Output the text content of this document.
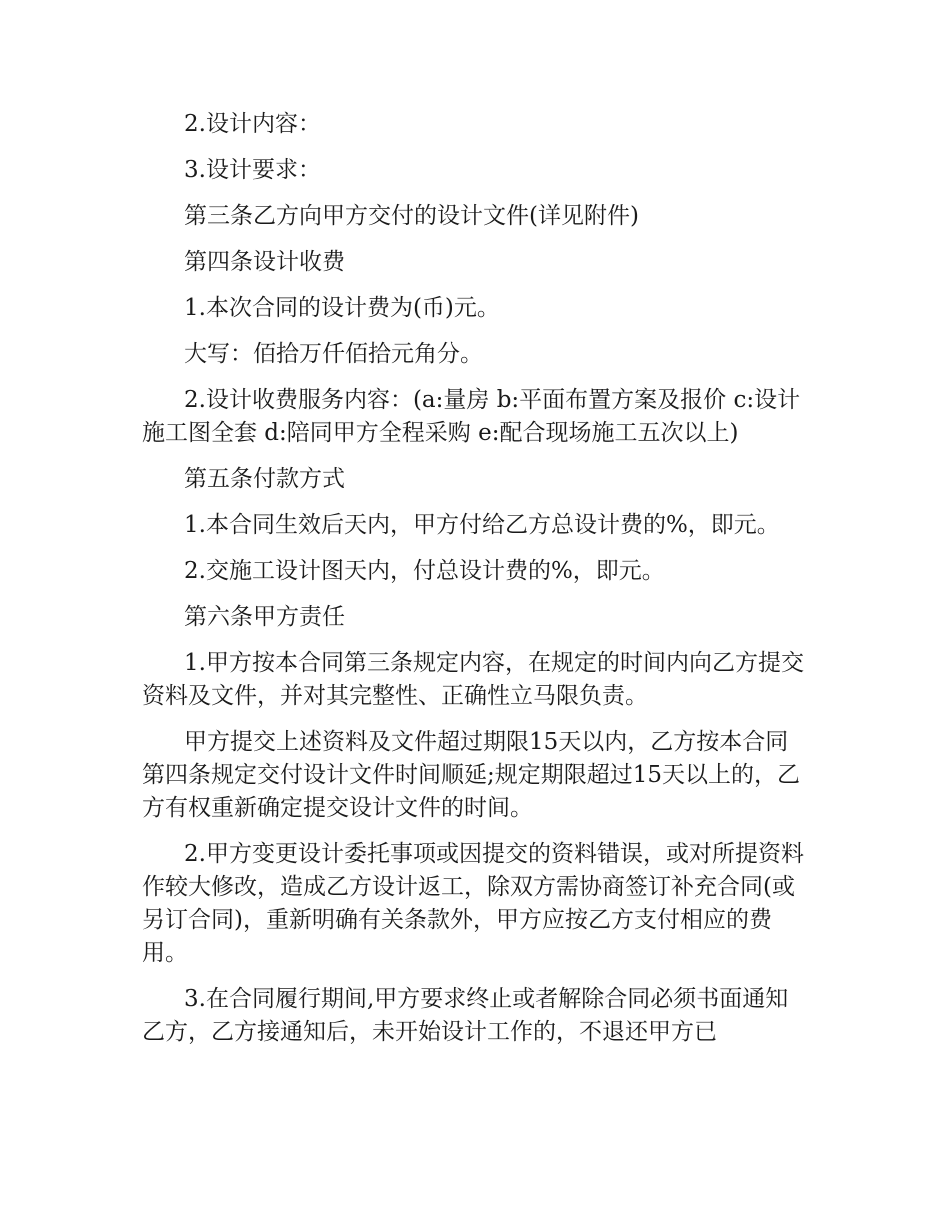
2.设计内容：

3.设计要求：

第三条乙方向甲方交付的设计文件(详见附件)

第四条设计收费

1.本次合同的设计费为(币)元。

大写：佰拾万仟佰拾元角分。

2.设计收费服务内容：(a:量房 b:平面布置方案及报价 c:设计施工图全套 d:陪同甲方全程采购 e:配合现场施工五次以上)

第五条付款方式

1.本合同生效后天内，甲方付给乙方总设计费的%，即元。

2.交施工设计图天内，付总设计费的%，即元。

第六条甲方责任

1.甲方按本合同第三条规定内容，在规定的时间内向乙方提交资料及文件，并对其完整性、正确性立马限负责。

甲方提交上述资料及文件超过期限15天以内，乙方按本合同第四条规定交付设计文件时间顺延;规定期限超过15天以上的，乙方有权重新确定提交设计文件的时间。

2.甲方变更设计委托事项或因提交的资料错误，或对所提资料作较大修改，造成乙方设计返工，除双方需协商签订补充合同(或另订合同)，重新明确有关条款外，甲方应按乙方支付相应的费用。

3.在合同履行期间,甲方要求终止或者解除合同必须书面通知乙方，乙方接通知后，未开始设计工作的，不退还甲方已
